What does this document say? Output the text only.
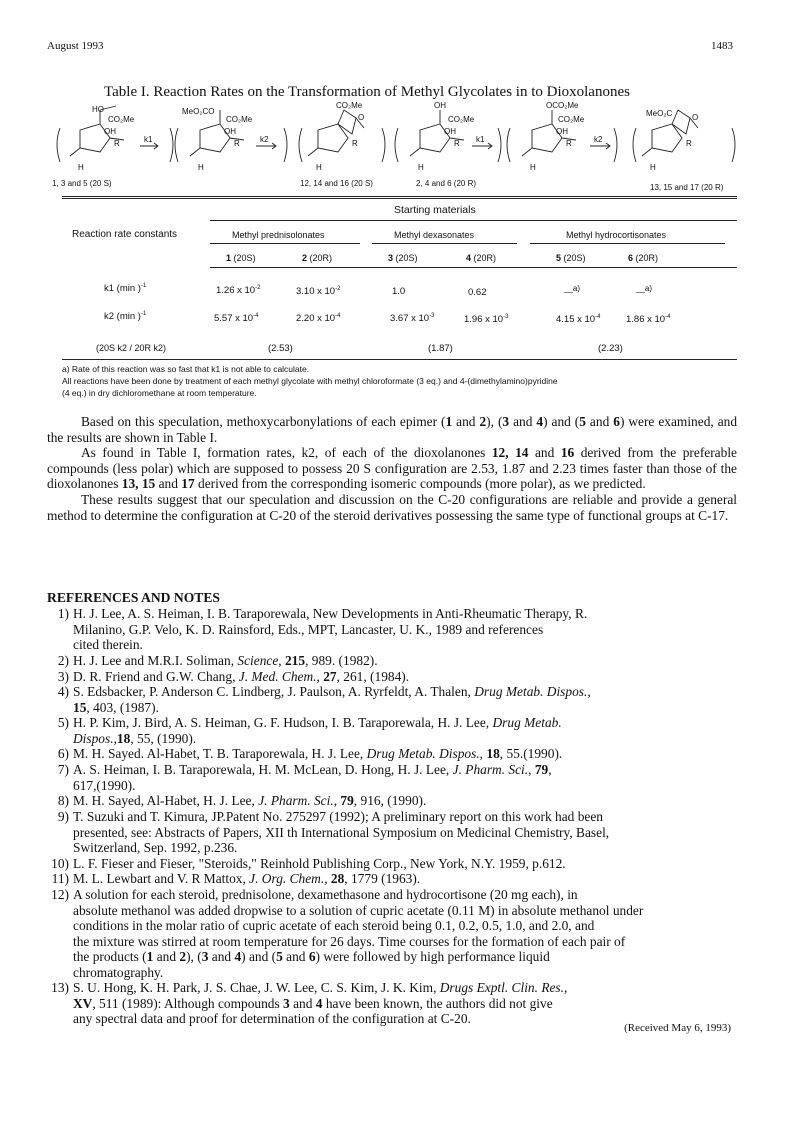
August 1993	1483
Table I. Reaction Rates on the Transformation of Methyl Glycolates in to Dioxolanones
HO
CO₂Me
OH
R
H
k1
MeO₂CO
CO₂Me
OH
R
H
k2
CO₂Me
O
R
H
OH
CO₂Me
OH
R
H
k1
OCO₂Me
CO₂Me
OH
R
H
k2
MeO₂C O
R
H
1, 3 and 5 (20 S)	12, 14 and 16 (20 S)	2, 4 and 6 (20 R)	13, 15 and 17 (20 R)
Starting materials
Reaction rate constants	Methyl prednisolonates	Methyl dexasonates	Methyl hydrocortisonates
1 (20S)	2 (20R)	3 (20S)	4 (20R)	5 (20S)	6 (20R)
k1 (min )$^{-1}$	1.26 x $10^{-2}$	3.10 x $10^{-2}$	1.0	0.62	__a)	__a)
k2 (min )$^{-1}$	5.57 x $10^{-4}$	2.20 x $10^{-4}$	3.67 x $10^{-3}$	1.96 x $10^{-3}$	4.15 x $10^{-4}$	1.86 x $10^{-4}$
(20S k2 / 20R k2)	(2.53)	(1.87)	(2.23)
a) Rate of this reaction was so fast that k1 is not able to calculate.
All reactions have been done by treatment of each methyl glycolate with methyl chloroformate (3 eq.) and 4-(dimethylamino)pyridine
(4 eq.) in dry dichloromethane at room temperature.

Based on this speculation, methoxycarbonylations of each epimer (1 and 2), (3 and 4) and (5 and 6) were examined, and the results are shown in Table I.

As found in Table I, formation rates, k2, of each of the dioxolanones 12, 14 and 16 derived from the preferable compounds (less polar) which are supposed to possess 20 S configuration are 2.53, 1.87 and 2.23 times faster than those of the dioxolanones 13, 15 and 17 derived from the corresponding isomeric compounds (more polar), as we predicted.

These results suggest that our speculation and discussion on the C-20 configurations are reliable and provide a general method to determine the configuration at C-20 of the steroid derivatives possessing the same type of functional groups at C-17.

REFERENCES AND NOTES
1) H. J. Lee, A. S. Heiman, I. B. Taraporewala, New Developments in Anti-Rheumatic Therapy, R.
Milanino, G.P. Velo, K. D. Rainsford, Eds., MPT, Lancaster, U. K., 1989 and references
cited therein.
2) H. J. Lee and M.R.I. Soliman, Science, 215, 989. (1982).
3) D. R. Friend and G.W. Chang, J. Med. Chem., 27, 261, (1984).
4) S. Edsbacker, P. Anderson C. Lindberg, J. Paulson, A. Ryrfeldt, A. Thalen, Drug Metab. Dispos.,
15, 403, (1987).
5) H. P. Kim, J. Bird, A. S. Heiman, G. F. Hudson, I. B. Taraporewala, H. J. Lee, Drug Metab.
Dispos.,18, 55, (1990).
6) M. H. Sayed. Al-Habet, T. B. Taraporewala, H. J. Lee, Drug Metab. Dispos., 18, 55.(1990).
7) A. S. Heiman, I. B. Taraporewala, H. M. McLean, D. Hong, H. J. Lee, J. Pharm. Sci., 79,
617,(1990).
8) M. H. Sayed, Al-Habet, H. J. Lee, J. Pharm. Sci., 79, 916, (1990).
9) T. Suzuki and T. Kimura, JP.Patent No. 275297 (1992); A preliminary report on this work had been
presented, see: Abstracts of Papers, XII th International Symposium on Medicinal Chemistry, Basel,
Switzerland, Sep. 1992, p.236.
10) L. F. Fieser and Fieser, "Steroids," Reinhold Publishing Corp., New York, N.Y. 1959, p.612.
11) M. L. Lewbart and V. R Mattox, J. Org. Chem., 28, 1779 (1963).
12) A solution for each steroid, prednisolone, dexamethasone and hydrocortisone (20 mg each), in
absolute methanol was added dropwise to a solution of cupric acetate (0.11 M) in absolute methanol under
conditions in the molar ratio of cupric acetate of each steroid being 0.1, 0.2, 0.5, 1.0, and 2.0, and
the mixture was stirred at room temperature for 26 days. Time courses for the formation of each pair of
the products (1 and 2), (3 and 4) and (5 and 6) were followed by high performance liquid
chromatography.
13) S. U. Hong, K. H. Park, J. S. Chae, J. W. Lee, C. S. Kim, J. K. Kim, Drugs Exptl. Clin. Res.,
XV, 511 (1989): Although compounds 3 and 4 have been known, the authors did not give
any spectral data and proof for determination of the configuration at C-20.
(Received May 6, 1993)
